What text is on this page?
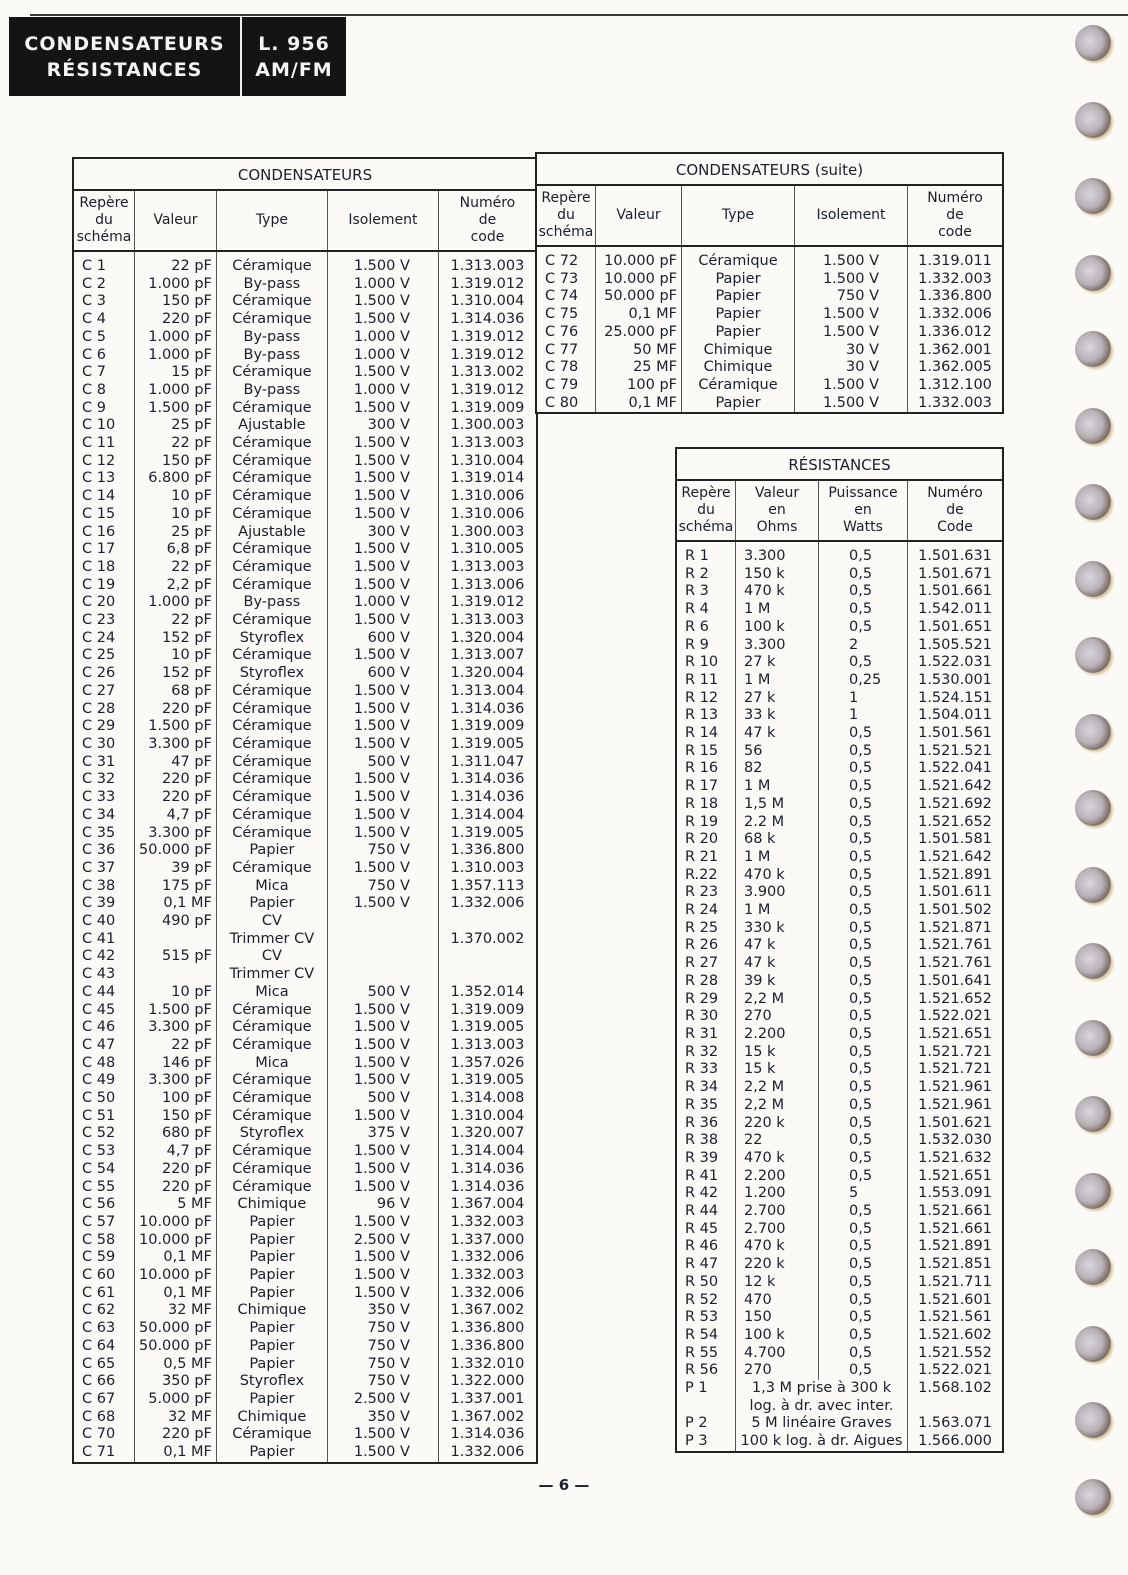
CONDENSATEURS
RÉSISTANCES
L. 956
AM/FM
CONDENSATEURS
Repère
du
schéma	Valeur	Type	Isolement	Numéro
de
code
C 1	22 pF	Céramique	1.500 V	1.313.003
C 2	1.000 pF	By-pass	1.000 V	1.319.012
C 3	150 pF	Céramique	1.500 V	1.310.004
C 4	220 pF	Céramique	1.500 V	1.314.036
C 5	1.000 pF	By-pass	1.000 V	1.319.012
C 6	1.000 pF	By-pass	1.000 V	1.319.012
C 7	15 pF	Céramique	1.500 V	1.313.002
C 8	1.000 pF	By-pass	1.000 V	1.319.012
C 9	1.500 pF	Céramique	1.500 V	1.319.009
C 10	25 pF	Ajustable	300 V	1.300.003
C 11	22 pF	Céramique	1.500 V	1.313.003
C 12	150 pF	Céramique	1.500 V	1.310.004
C 13	6.800 pF	Céramique	1.500 V	1.319.014
C 14	10 pF	Céramique	1.500 V	1.310.006
C 15	10 pF	Céramique	1.500 V	1.310.006
C 16	25 pF	Ajustable	300 V	1.300.003
C 17	6,8 pF	Céramique	1.500 V	1.310.005
C 18	22 pF	Céramique	1.500 V	1.313.003
C 19	2,2 pF	Céramique	1.500 V	1.313.006
C 20	1.000 pF	By-pass	1.000 V	1.319.012
C 23	22 pF	Céramique	1.500 V	1.313.003
C 24	152 pF	Styroflex	600 V	1.320.004
C 25	10 pF	Céramique	1.500 V	1.313.007
C 26	152 pF	Styroflex	600 V	1.320.004
C 27	68 pF	Céramique	1.500 V	1.313.004
C 28	220 pF	Céramique	1.500 V	1.314.036
C 29	1.500 pF	Céramique	1.500 V	1.319.009
C 30	3.300 pF	Céramique	1.500 V	1.319.005
C 31	47 pF	Céramique	500 V	1.311.047
C 32	220 pF	Céramique	1.500 V	1.314.036
C 33	220 pF	Céramique	1.500 V	1.314.036
C 34	4,7 pF	Céramique	1.500 V	1.314.004
C 35	3.300 pF	Céramique	1.500 V	1.319.005
C 36	50.000 pF	Papier	750 V	1.336.800
C 37	39 pF	Céramique	1.500 V	1.310.003
C 38	175 pF	Mica	750 V	1.357.113
C 39	0,1 MF	Papier	1.500 V	1.332.006
C 40	490 pF	CV		
C 41		Trimmer CV		1.370.002
C 42	515 pF	CV		
C 43		Trimmer CV		
C 44	10 pF	Mica	500 V	1.352.014
C 45	1.500 pF	Céramique	1.500 V	1.319.009
C 46	3.300 pF	Céramique	1.500 V	1.319.005
C 47	22 pF	Céramique	1.500 V	1.313.003
C 48	146 pF	Mica	1.500 V	1.357.026
C 49	3.300 pF	Céramique	1.500 V	1.319.005
C 50	100 pF	Céramique	500 V	1.314.008
C 51	150 pF	Céramique	1.500 V	1.310.004
C 52	680 pF	Styroflex	375 V	1.320.007
C 53	4,7 pF	Céramique	1.500 V	1.314.004
C 54	220 pF	Céramique	1.500 V	1.314.036
C 55	220 pF	Céramique	1.500 V	1.314.036
C 56	5 MF	Chimique	96 V	1.367.004
C 57	10.000 pF	Papier	1.500 V	1.332.003
C 58	10.000 pF	Papier	2.500 V	1.337.000
C 59	0,1 MF	Papier	1.500 V	1.332.006
C 60	10.000 pF	Papier	1.500 V	1.332.003
C 61	0,1 MF	Papier	1.500 V	1.332.006
C 62	32 MF	Chimique	350 V	1.367.002
C 63	50.000 pF	Papier	750 V	1.336.800
C 64	50.000 pF	Papier	750 V	1.336.800
C 65	0,5 MF	Papier	750 V	1.332.010
C 66	350 pF	Styroflex	750 V	1.322.000
C 67	5.000 pF	Papier	2.500 V	1.337.001
C 68	32 MF	Chimique	350 V	1.367.002
C 70	220 pF	Céramique	1.500 V	1.314.036
C 71	0,1 MF	Papier	1.500 V	1.332.006
CONDENSATEURS (suite)
Repère
du
schéma	Valeur	Type	Isolement	Numéro
de
code
C 72	10.000 pF	Céramique	1.500 V	1.319.011
C 73	10.000 pF	Papier	1.500 V	1.332.003
C 74	50.000 pF	Papier	750 V	1.336.800
C 75	0,1 MF	Papier	1.500 V	1.332.006
C 76	25.000 pF	Papier	1.500 V	1.336.012
C 77	50 MF	Chimique	30 V	1.362.001
C 78	25 MF	Chimique	30 V	1.362.005
C 79	100 pF	Céramique	1.500 V	1.312.100
C 80	0,1 MF	Papier	1.500 V	1.332.003
RÉSISTANCES
Repère
du
schéma	Valeur
en
Ohms	Puissance
en
Watts	Numéro
de
Code
R 1	3.300	0,5	1.501.631
R 2	150 k	0,5	1.501.671
R 3	470 k	0,5	1.501.661
R 4	1 M	0,5	1.542.011
R 6	100 k	0,5	1.501.651
R 9	3.300	2	1.505.521
R 10	27 k	0,5	1.522.031
R 11	1 M	0,25	1.530.001
R 12	27 k	1	1.524.151
R 13	33 k	1	1.504.011
R 14	47 k	0,5	1.501.561
R 15	56	0,5	1.521.521
R 16	82	0,5	1.522.041
R 17	1 M	0,5	1.521.642
R 18	1,5 M	0,5	1.521.692
R 19	2.2 M	0,5	1.521.652
R 20	68 k	0,5	1.501.581
R 21	1 M	0,5	1.521.642
R.22	470 k	0,5	1.521.891
R 23	3.900	0,5	1.501.611
R 24	1 M	0,5	1.501.502
R 25	330 k	0,5	1.521.871
R 26	47 k	0,5	1.521.761
R 27	47 k	0,5	1.521.761
R 28	39 k	0,5	1.501.641
R 29	2,2 M	0,5	1.521.652
R 30	270	0,5	1.522.021
R 31	2.200	0,5	1.521.651
R 32	15 k	0,5	1.521.721
R 33	15 k	0,5	1.521.721
R 34	2,2 M	0,5	1.521.961
R 35	2,2 M	0,5	1.521.961
R 36	220 k	0,5	1.501.621
R 38	22	0,5	1.532.030
R 39	470 k	0,5	1.521.632
R 41	2.200	0,5	1.521.651
R 42	1.200	5	1.553.091
R 44	2.700	0,5	1.521.661
R 45	2.700	0,5	1.521.661
R 46	470 k	0,5	1.521.891
R 47	220 k	0,5	1.521.851
R 50	12 k	0,5	1.521.711
R 52	470	0,5	1.521.601
R 53	150	0,5	1.521.561
R 54	100 k	0,5	1.521.602
R 55	4.700	0,5	1.521.552
R 56	270	0,5	1.522.021
P 1	1,3 M prise à 300 k		1.568.102
	log. à dr. avec inter.		
P 2	5 M linéaire Graves		1.563.071
P 3	100 k log. à dr. Aigues		1.566.000
— 6 —
